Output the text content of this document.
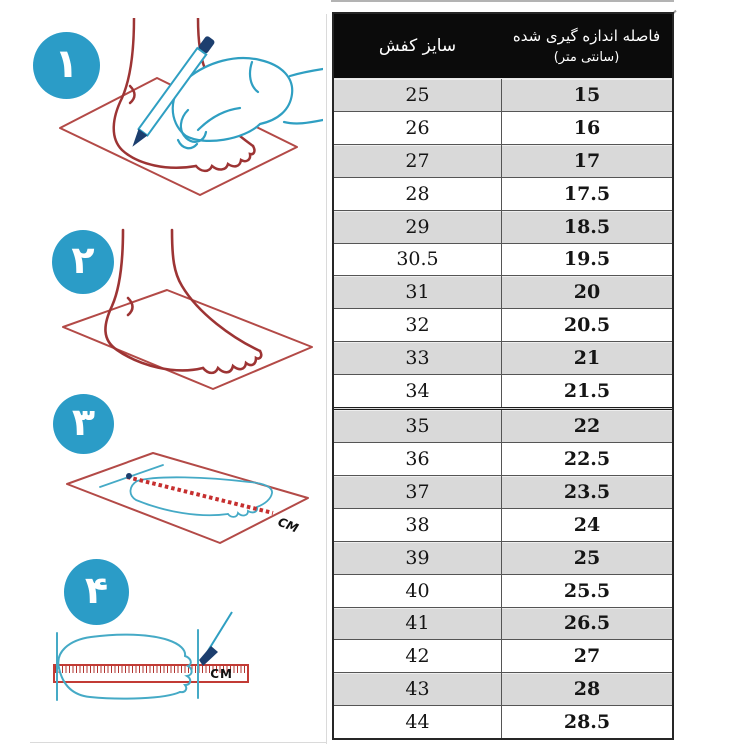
۱
۲
۳
CM
۴
CM
سایز کفش	فاصله اندازه گیری شده
(سانتی متر)
25	15
26	16
27	17
28	17.5
29	18.5
30.5	19.5
31	20
32	20.5
33	21
34	21.5
35	22
36	22.5
37	23.5
38	24
39	25
40	25.5
41	26.5
42	27
43	28
44	28.5
